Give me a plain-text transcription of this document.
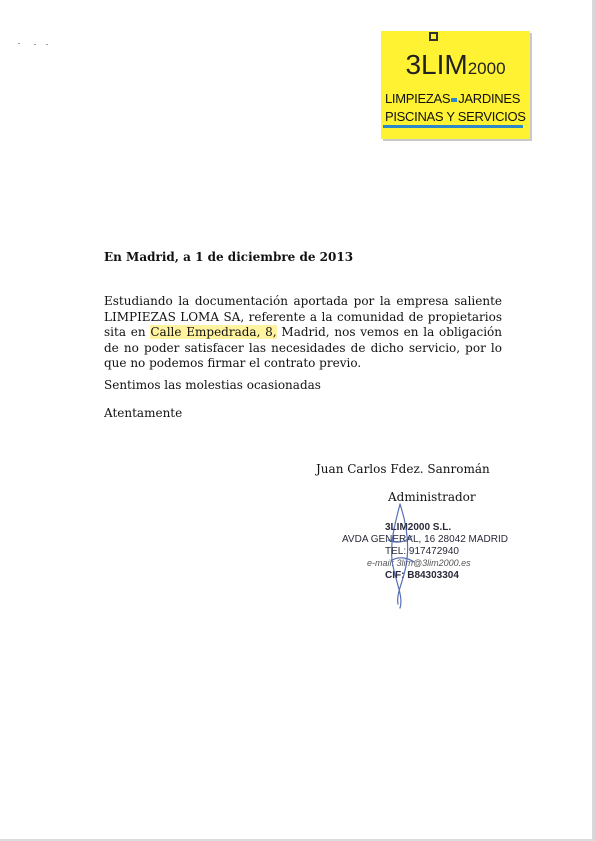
3LIM2000
LIMPIEZAS JARDINES
PISCINAS Y SERVICIOS
En Madrid, a 1 de diciembre de 2013

Estudiando la documentación aportada por la empresa saliente LIMPIEZAS LOMA SA, referente a la comunidad de propietarios sita en Calle Empedrada, 8, Madrid, nos vemos en la obligación de no poder satisfacer las necesidades de dicho servicio, por lo que no podemos firmar el contrato previo.

Sentimos las molestias ocasionadas
Atentamente
Juan Carlos Fdez. Sanromán
Administrador
3LIM2000 S.L.
AVDA GENERAL, 16 28042 MADRID
TEL: 917472940
e-mail: 3lim@3lim2000.es
CIF: B84303304
